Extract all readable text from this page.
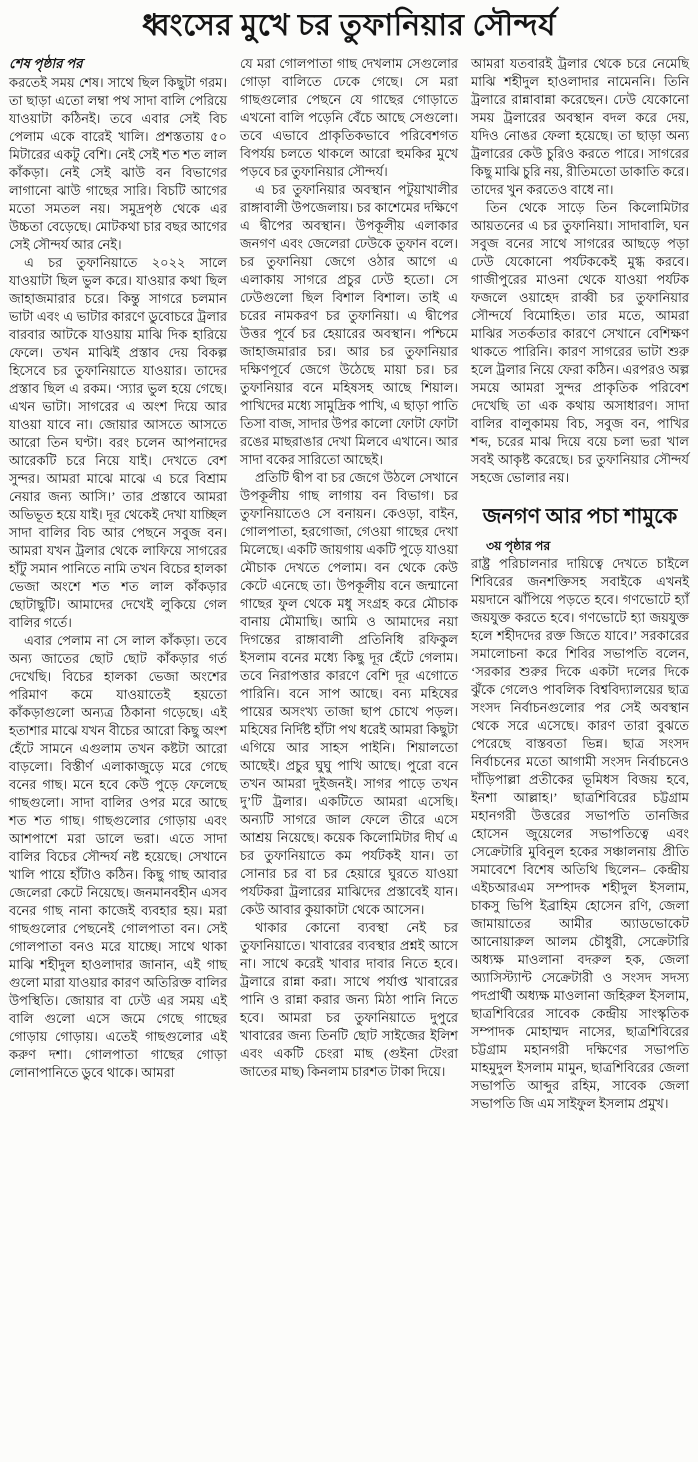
ধ্বংসের মুখে চর তুফানিয়ার সৌন্দর্য

শেষ পৃষ্ঠার পর

করতেই সময় শেষ। সাথে ছিল কিছুটা গরম। তা ছাড়া এতো লম্বা পথ সাদা বালি পেরিয়ে যাওয়াটা কঠিনই। তবে এবার সেই বিচ পেলাম একে বারেই খালি। প্রশস্ততায় ৫০ মিটারের একটু বেশি। নেই সেই শত শত লাল কাঁকড়া। নেই সেই ঝাউ বন বিভাগের লাগানো ঝাউ গাছের সারি। বিচটি আগের মতো সমতল নয়। সমুদ্রপৃষ্ঠ থেকে এর উচ্চতা বেড়েছে। মোটকথা চার বছর আগের সেই সৌন্দর্য আর নেই।

এ চর তুফানিয়াতে ২০২২ সালে যাওয়াটা ছিল ভুল করে। যাওয়ার কথা ছিল জাহাজমারার চরে। কিন্তু সাগরে চলমান ভাটা এবং এ ভাটার কারণে ডুবোচরে ট্রলার বারবার আটকে যাওয়ায় মাঝি দিক হারিয়ে ফেলে। তখন মাঝিই প্রস্তাব দেয় বিকল্প হিসেবে চর তুফানিয়াতে যাওয়ার। তাদের প্রস্তাব ছিল এ রকম। ‘স্যার ভুল হয়ে গেছে। এখন ভাটা। সাগরের এ অংশ দিয়ে আর যাওয়া যাবে না। জোয়ার আসতে আসতে আরো তিন ঘণ্টা। বরং চলেন আপনাদের আরেকটি চরে নিয়ে যাই। দেখতে বেশ সুন্দর। আমরা মাঝে মাঝে এ চরে বিশ্রাম নেয়ার জন্য আসি।’ তার প্রস্তাবে আমরা অভিভূত হয়ে যাই। দূর থেকেই দেখা যাচ্ছিল সাদা বালির বিচ আর পেছনে সবুজ বন। আমরা যখন ট্রলার থেকে লাফিয়ে সাগরের হাঁটু সমান পানিতে নামি তখন বিচের হালকা ভেজা অংশে শত শত লাল কাঁকড়ার ছোটাছুটি। আমাদের দেখেই লুকিয়ে গেল বালির গর্তে।

এবার পেলাম না সে লাল কাঁকড়া। তবে অন্য জাতের ছোট ছোট কাঁকড়ার গর্ত দেখেছি। বিচের হালকা ভেজা অংশের পরিমাণ কমে যাওয়াতেই হয়তো কাঁকড়াগুলো অন্যত্র ঠিকানা গড়েছে। এই হতাশার মাঝে যখন বীচের আরো কিছু অংশ হেঁটে সামনে এগুলাম তখন কষ্টটা আরো বাড়লো। বিস্তীর্ণ এলাকাজুড়ে মরে গেছে বনের গাছ। মনে হবে কেউ পুড়ে ফেলেছে গাছগুলো। সাদা বালির ওপর মরে আছে শত শত গাছ। গাছগুলোর গোড়ায় এবং আশপাশে মরা ডালে ভরা। এতে সাদা বালির বিচের সৌন্দর্য নষ্ট হয়েছে। সেখানে খালি পায়ে হাঁটাও কঠিন। কিছু গাছ আবার জেলেরা কেটে নিয়েছে। জনমানবহীন এসব বনের গাছ নানা কাজেই ব্যবহার হয়। মরা গাছগুলোর পেছনেই গোলপাতা বন। সেই গোলপাতা বনও মরে যাচ্ছে। সাথে থাকা মাঝি শহীদুল হাওলাদার জানান, এই গাছ গুলো মারা যাওয়ার কারণ অতিরিক্ত বালির উপস্থিতি। জোয়ার বা ঢেউ এর সময় এই বালি গুলো এসে জমে গেছে গাছের গোড়ায় গোড়ায়। এতেই গাছগুলোর এই করুণ দশা। গোলপাতা গাছের গোড়া লোনাপানিতে ডুবে থাকে। আমরা

যে মরা গোলপাতা গাছ দেখলাম সেগুলোর গোড়া বালিতে ঢেকে গেছে। সে মরা গাছগুলোর পেছনে যে গাছের গোড়াতে এখনো বালি পড়েনি বেঁচে আছে সেগুলো। তবে এভাবে প্রাকৃতিকভাবে পরিবেশগত বিপর্যয় চলতে থাকলে আরো হুমকির মুখে পড়বে চর তুফানিয়ার সৌন্দর্য।

এ চর তুফানিয়ার অবস্থান পটুয়াখালীর রাঙ্গাবালী উপজেলায়। চর কাশেমের দক্ষিণে এ দ্বীপের অবস্থান। উপকূলীয় এলাকার জনগণ এবং জেলেরা ঢেউকে তুফান বলে। চর তুফানিয়া জেগে ওঠার আগে এ এলাকায় সাগরে প্রচুর ঢেউ হতো। সে ঢেউগুলো ছিল বিশাল বিশাল। তাই এ চরের নামকরণ চর তুফানিয়া। এ দ্বীপের উত্তর পূর্বে চর হেয়ারের অবস্থান। পশ্চিমে জাহাজমারার চর। আর চর তুফানিয়ার দক্ষিণপূর্বে জেগে উঠেছে মায়া চর। চর তুফানিয়ার বনে মহিষসহ আছে শিয়াল। পাখিদের মধ্যে সামুদ্রিক পাখি, এ ছাড়া পাতি তিসা বাজ, সাদার উপর কালো ফোটা ফোটা রঙের মাছরাঙার দেখা মিলবে এখানে। আর সাদা বকের সারিতো আছেই।

প্রতিটি দ্বীপ বা চর জেগে উঠলে সেখানে উপকূলীয় গাছ লাগায় বন বিভাগ। চর তুফানিয়াতেও সে বনায়ন। কেওড়া, বাইন, গোলপাতা, হরগোজা, গেওয়া গাছের দেখা মিলেছে। একটি জায়গায় একটি পুড়ে যাওয়া মৌচাক দেখতে পেলাম। বন থেকে কেউ কেটে এনেছে তা। উপকূলীয় বনে জন্মানো গাছের ফুল থেকে মধু সংগ্রহ করে মৌচাক বানায় মৌমাছি। আমি ও আমাদের নয়া দিগন্তের রাঙ্গাবালী প্রতিনিধি রফিকুল ইসলাম বনের মধ্যে কিছু দূর হেঁটে গেলাম। তবে নিরাপত্তার কারণে বেশি দূর এগোতে পারিনি। বনে সাপ আছে। বন্য মহিষের পায়ের অসংখ্য তাজা ছাপ চোখে পড়ল। মহিষের নির্দিষ্ট হাঁটা পথ ধরেই আমরা কিছুটা এগিয়ে আর সাহস পাইনি। শিয়ালতো আছেই। প্রচুর ঘুঘু পাখি আছে। পুরো বনে তখন আমরা দুইজনই। সাগর পাড়ে তখন দু’টি ট্রলার। একটিতে আমরা এসেছি। অন্যটি সাগরে জাল ফেলে তীরে এসে আশ্রয় নিয়েছে। কয়েক কিলোমিটার দীর্ঘ এ চর তুফানিয়াতে কম পর্যটকই যান। তা সোনার চর বা চর হেয়ারে ঘুরতে যাওয়া পর্যটকরা ট্রলারের মাঝিদের প্রস্তাবেই যান। কেউ আবার কুয়াকাটা থেকে আসেন।

থাকার কোনো ব্যবস্থা নেই চর তুফানিয়াতে। খাবারের ব্যবস্থার প্রশ্নই আসে না। সাথে করেই খাবার দাবার নিতে হবে। ট্রলারে রান্না করা। সাথে পর্যাপ্ত খাবারের পানি ও রান্না করার জন্য মিঠা পানি নিতে হবে। আমরা চর তুফানিয়াতে দুপুরে খাবারের জন্য তিনটি ছোট সাইজের ইলিশ এবং একটি চেংরা মাছ (গুইনা টেংরা জাতের মাছ) কিনলাম চারশত টাকা দিয়ে।

আমরা যতবারই ট্রলার থেকে চরে নেমেছি মাঝি শহীদুল হাওলাদার নামেননি। তিনি ট্রলারে রান্নাবান্না করেছেন। ঢেউ যেকোনো সময় ট্রলারের অবস্থান বদল করে দেয়, যদিও নোঙর ফেলা হয়েছে। তা ছাড়া অন্য ট্রলারের কেউ চুরিও করতে পারে। সাগরের কিছু মাঝি চুরি নয়, রীতিমতো ডাকাতি করে। তাদের খুন করতেও বাধে না।

তিন থেকে সাড়ে তিন কিলোমিটার আয়তনের এ চর তুফানিয়া। সাদাবালি, ঘন সবুজ বনের সাথে সাগরের আছড়ে পড়া ঢেউ যেকোনো পর্যটককেই মুগ্ধ করবে। গাজীপুরের মাওনা থেকে যাওয়া পর্যটক ফজলে ওয়াহেদ রাব্বী চর তুফানিয়ার সৌন্দর্যে বিমোহিত। তার মতে, আমরা মাঝির সতর্কতার কারণে সেখানে বেশিক্ষণ থাকতে পারিনি। কারণ সাগরের ভাটা শুরু হলে ট্রলার নিয়ে ফেরা কঠিন। এরপরও অল্প সময়ে আমরা সুন্দর প্রাকৃতিক পরিবেশ দেখেছি তা এক কথায় অসাধারণ। সাদা বালির বালুকাময় বিচ, সবুজ বন, পাখির শব্দ, চরের মাঝ দিয়ে বয়ে চলা ভরা খাল সবই আকৃষ্ট করেছে। চর তুফানিয়ার সৌন্দর্য সহজে ভোলার নয়।

জনগণ আর পচা শামুকে

৩য় পৃষ্ঠার পর

রাষ্ট্র পরিচালনার দায়িত্বে দেখতে চাইলে শিবিরের জনশক্তিসহ সবাইকে এখনই ময়দানে ঝাঁপিয়ে পড়তে হবে। গণভোটে হ্যাঁ জয়যুক্ত করতে হবে। গণভোটে হ্যা জয়যুক্ত হলে শহীদদের রক্ত জিতে যাবে।’ সরকারের সমালোচনা করে শিবির সভাপতি বলেন, ‘সরকার শুরুর দিকে একটা দলের দিকে ঝুঁকে গেলেও পাবলিক বিশ্ববিদ্যালয়ের ছাত্র সংসদ নির্বাচনগুলোর পর সেই অবস্থান থেকে সরে এসেছে। কারণ তারা বুঝতে পেরেছে বাস্তবতা ভিন্ন। ছাত্র সংসদ নির্বাচনের মতো আগামী সংসদ নির্বাচনেও দাঁড়িপাল্লা প্রতীকের ভূমিধস বিজয় হবে, ইনশা আল্লাহ।’ ছাত্রশিবিরের চট্টগ্রাম মহানগরী উত্তরের সভাপতি তানজির হোসেন জুয়েলের সভাপতিত্বে এবং সেক্রেটারি মুবিনুল হকের সঞ্চালনায় প্রীতি সমাবেশে বিশেষ অতিথি ছিলেন– কেন্দ্রীয় এইচআরএম সম্পাদক শহীদুল ইসলাম, চাকসু ভিপি ইব্রাহিম হোসেন রণি, জেলা জামায়াতের আমীর অ্যাডভোকেট আনোয়ারুল আলম চৌধুরী, সেক্রেটারি অধ্যক্ষ মাওলানা বদরুল হক, জেলা অ্যাসিস্ট্যান্ট সেক্রেটারী ও সংসদ সদস্য পদপ্রার্থী অধ্যক্ষ মাওলানা জহিরুল ইসলাম, ছাত্রশিবিরের সাবেক কেন্দ্রীয় সাংস্কৃতিক সম্পাদক মোহাম্মদ নাসের, ছাত্রশিবিরের চট্টগ্রাম মহানগরী দক্ষিণের সভাপতি মাহমুদুল ইসলাম মামুন, ছাত্রশিবিরের জেলা সভাপতি আব্দুর রহিম, সাবেক জেলা সভাপতি জি এম সাইফুল ইসলাম প্রমুখ।
